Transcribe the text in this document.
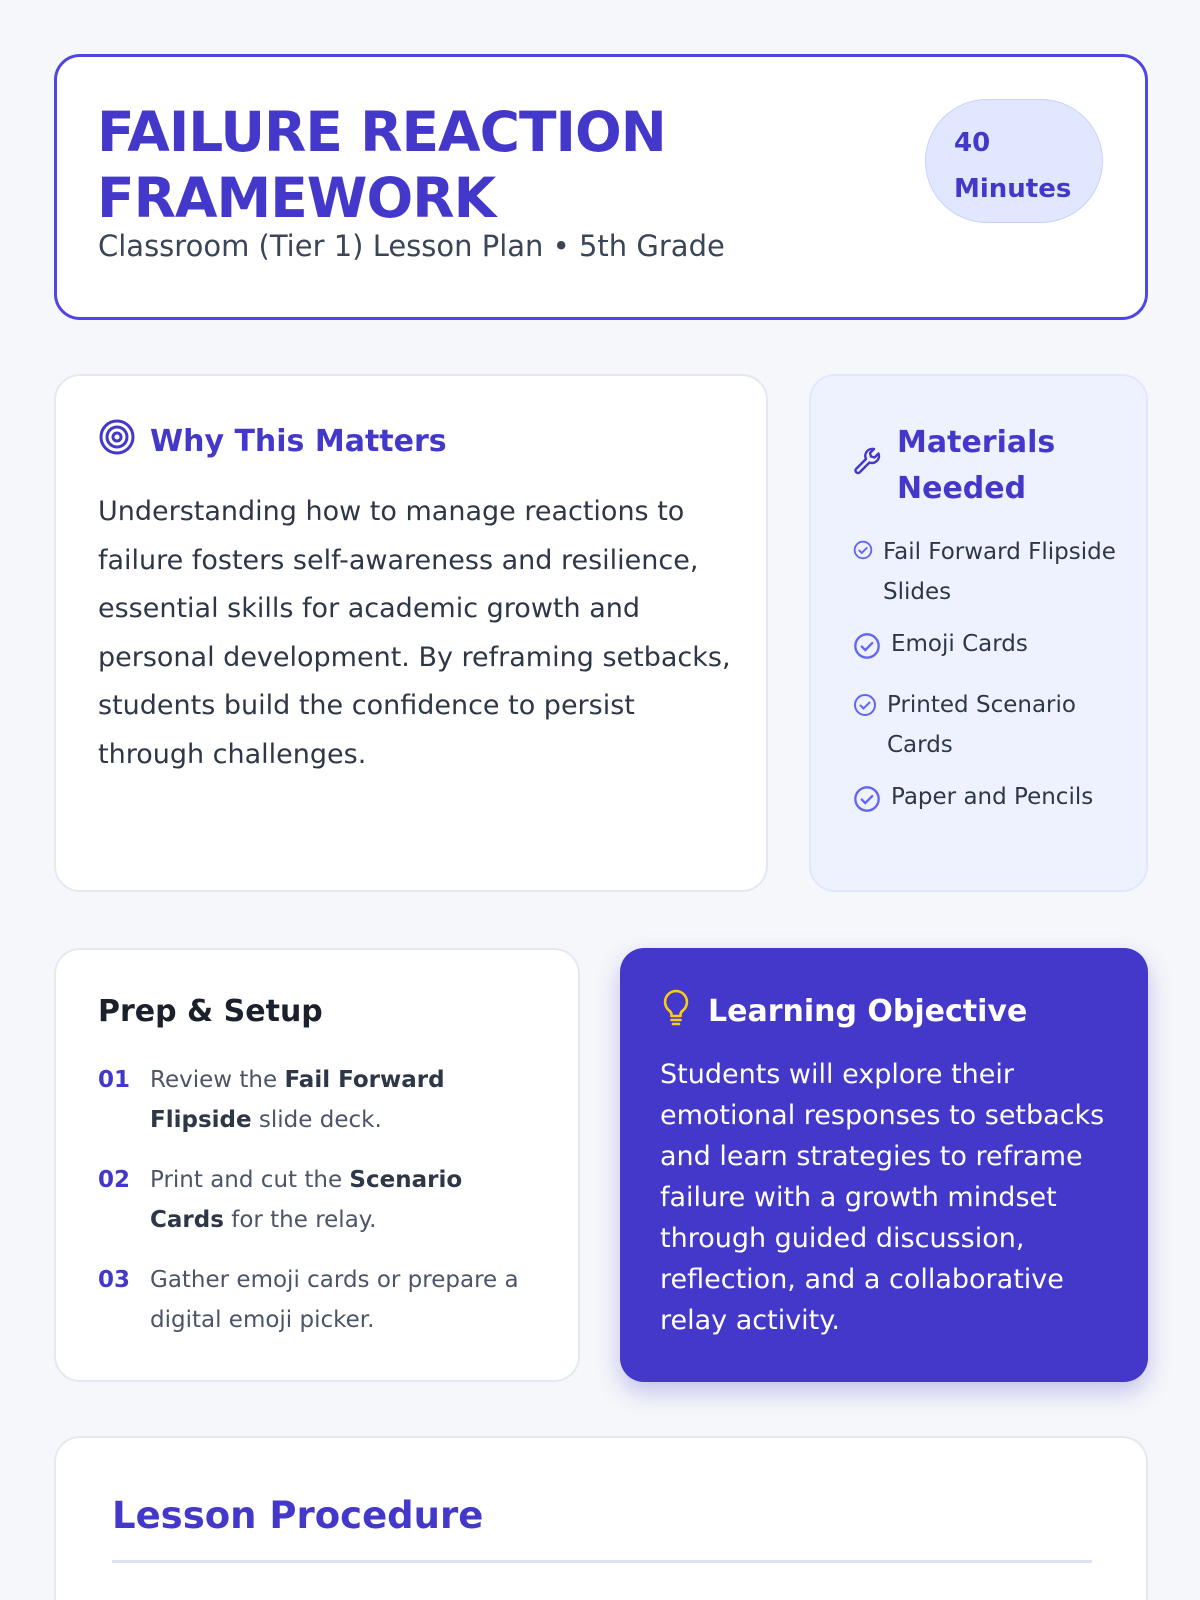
FAILURE REACTION FRAMEWORK
Classroom (Tier 1) Lesson Plan • 5th Grade
40
Minutes
Why This Matters

Understanding how to manage reactions to failure fosters self-awareness and resilience, essential skills for academic growth and personal development. By reframing setbacks, students build the confidence to persist through challenges.

Materials Needed
Fail Forward Flipside Slides
Emoji Cards
Printed Scenario Cards
Paper and Pencils
Prep & Setup
01 Review the Fail Forward Flipside slide deck.
02 Print and cut the Scenario Cards for the relay.
03 Gather emoji cards or prepare a digital emoji picker.
Learning Objective

Students will explore their emotional responses to setbacks and learn strategies to reframe failure with a growth mindset through guided discussion, reflection, and a collaborative relay activity.

Lesson Procedure
